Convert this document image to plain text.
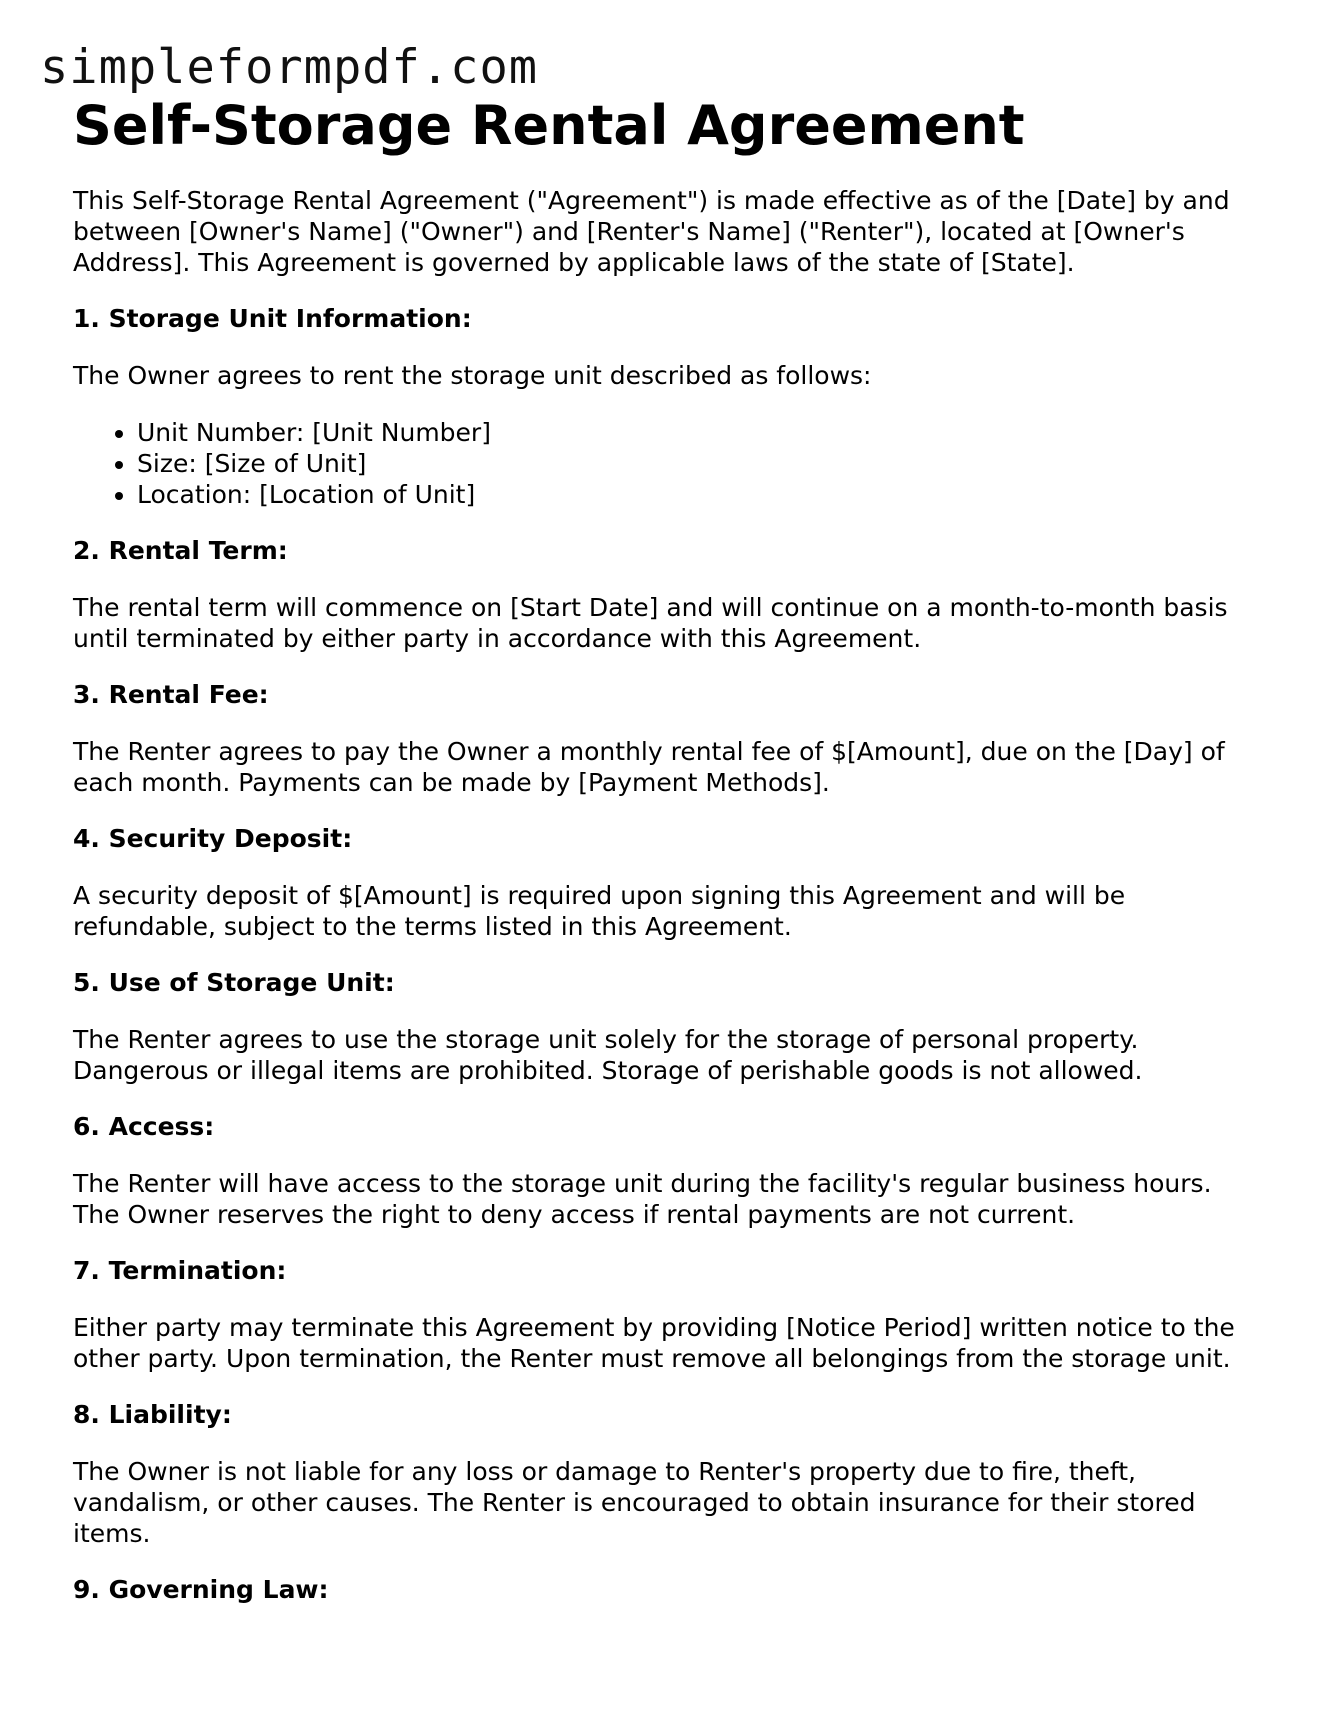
simpleformpdf.com
Self-Storage Rental Agreement

This Self-Storage Rental Agreement ("Agreement") is made effective as of the [Date] by and between [Owner's Name] ("Owner") and [Renter's Name] ("Renter"), located at [Owner's Address]. This Agreement is governed by applicable laws of the state of [State].

1. Storage Unit Information:

The Owner agrees to rent the storage unit described as follows:

• Unit Number: [Unit Number]
• Size: [Size of Unit]
• Location: [Location of Unit]
2. Rental Term:

The rental term will commence on [Start Date] and will continue on a month-to-month basis until terminated by either party in accordance with this Agreement.

3. Rental Fee:

The Renter agrees to pay the Owner a monthly rental fee of $[Amount], due on the [Day] of each month. Payments can be made by [Payment Methods].

4. Security Deposit:

A security deposit of $[Amount] is required upon signing this Agreement and will be refundable, subject to the terms listed in this Agreement.

5. Use of Storage Unit:

The Renter agrees to use the storage unit solely for the storage of personal property. Dangerous or illegal items are prohibited. Storage of perishable goods is not allowed.

6. Access:

The Renter will have access to the storage unit during the facility's regular business hours. The Owner reserves the right to deny access if rental payments are not current.

7. Termination:

Either party may terminate this Agreement by providing [Notice Period] written notice to the other party. Upon termination, the Renter must remove all belongings from the storage unit.

8. Liability:

The Owner is not liable for any loss or damage to Renter's property due to fire, theft, vandalism, or other causes. The Renter is encouraged to obtain insurance for their stored items.

9. Governing Law:
